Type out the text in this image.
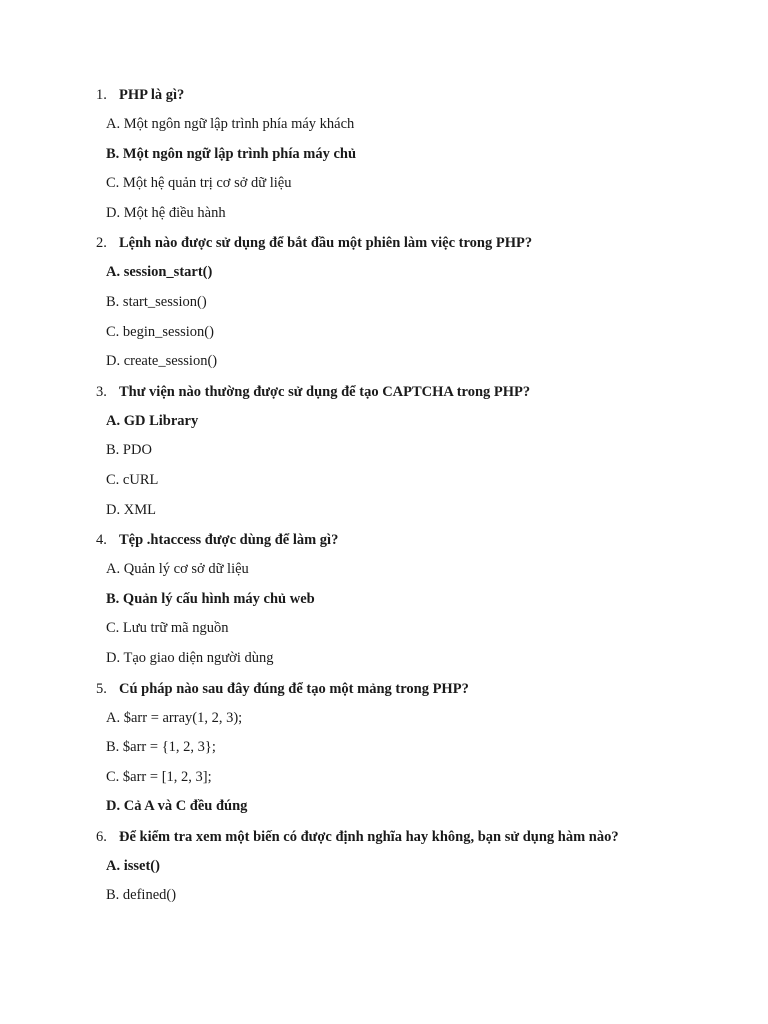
1. PHP là gì?
A. Một ngôn ngữ lập trình phía máy khách
B. Một ngôn ngữ lập trình phía máy chủ
C. Một hệ quản trị cơ sở dữ liệu
D. Một hệ điều hành
2. Lệnh nào được sử dụng để bắt đầu một phiên làm việc trong PHP?
A. session_start()
B. start_session()
C. begin_session()
D. create_session()
3. Thư viện nào thường được sử dụng để tạo CAPTCHA trong PHP?
A. GD Library
B. PDO
C. cURL
D. XML
4. Tệp .htaccess được dùng để làm gì?
A. Quản lý cơ sở dữ liệu
B. Quản lý cấu hình máy chủ web
C. Lưu trữ mã nguồn
D. Tạo giao diện người dùng
5. Cú pháp nào sau đây đúng để tạo một mảng trong PHP?
A. $arr = array(1, 2, 3);
B. $arr = {1, 2, 3};
C. $arr = [1, 2, 3];
D. Cả A và C đều đúng
6. Để kiểm tra xem một biến có được định nghĩa hay không, bạn sử dụng hàm nào?
A. isset()
B. defined()
